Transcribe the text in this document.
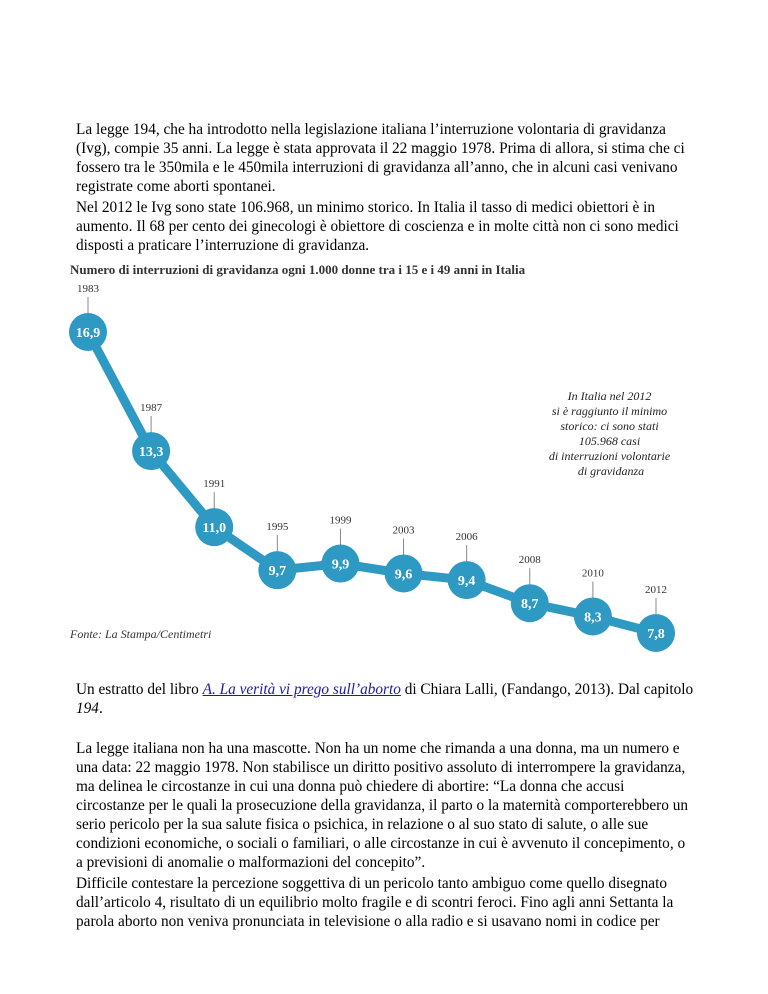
La legge 194, che ha introdotto nella legislazione italiana l’interruzione volontaria di gravidanza (Ivg), compie 35 anni. La legge è stata approvata il 22 maggio 1978. Prima di allora, si stima che ci fossero tra le 350mila e le 450mila interruzioni di gravidanza all’anno, che in alcuni casi venivano registrate come aborti spontanei.

Nel 2012 le Ivg sono state 106.968, un minimo storico. In Italia il tasso di medici obiettori è in aumento. Il 68 per cento dei ginecologi è obiettore di coscienza e in molte città non ci sono medici disposti a praticare l’interruzione di gravidanza.

Numero di interruzioni di gravidanza ogni 1.000 donne tra i 15 e i 49 anni in Italia
1983
16,9
1987
13,3
1991
11,0	1995
9,7
1999
9,9
2003
9,6
2006
9,4
2008
8,7
2010
8,3
2012
7,8
In Italia nel 2012 si è raggiunto il minimo storico: ci sono stati 105.968 casi di interruzioni volontarie di gravidanza
Fonte: La Stampa/Centimetri

Un estratto del libro A. La verità vi prego sull’aborto di Chiara Lalli, (Fandango, 2013). Dal capitolo 194.

La legge italiana non ha una mascotte. Non ha un nome che rimanda a una donna, ma un numero e una data: 22 maggio 1978. Non stabilisce un diritto positivo assoluto di interrompere la gravidanza, ma delinea le circostanze in cui una donna può chiedere di abortire: “La donna che accusi circostanze per le quali la prosecuzione della gravidanza, il parto o la maternità comporterebbero un serio pericolo per la sua salute fisica o psichica, in relazione o al suo stato di salute, o alle sue condizioni economiche, o sociali o familiari, o alle circostanze in cui è avvenuto il concepimento, o a previsioni di anomalie o malformazioni del concepito”.

Difficile contestare la percezione soggettiva di un pericolo tanto ambiguo come quello disegnato dall’articolo 4, risultato di un equilibrio molto fragile e di scontri feroci. Fino agli anni Settanta la parola aborto non veniva pronunciata in televisione o alla radio e si usavano nomi in codice per
